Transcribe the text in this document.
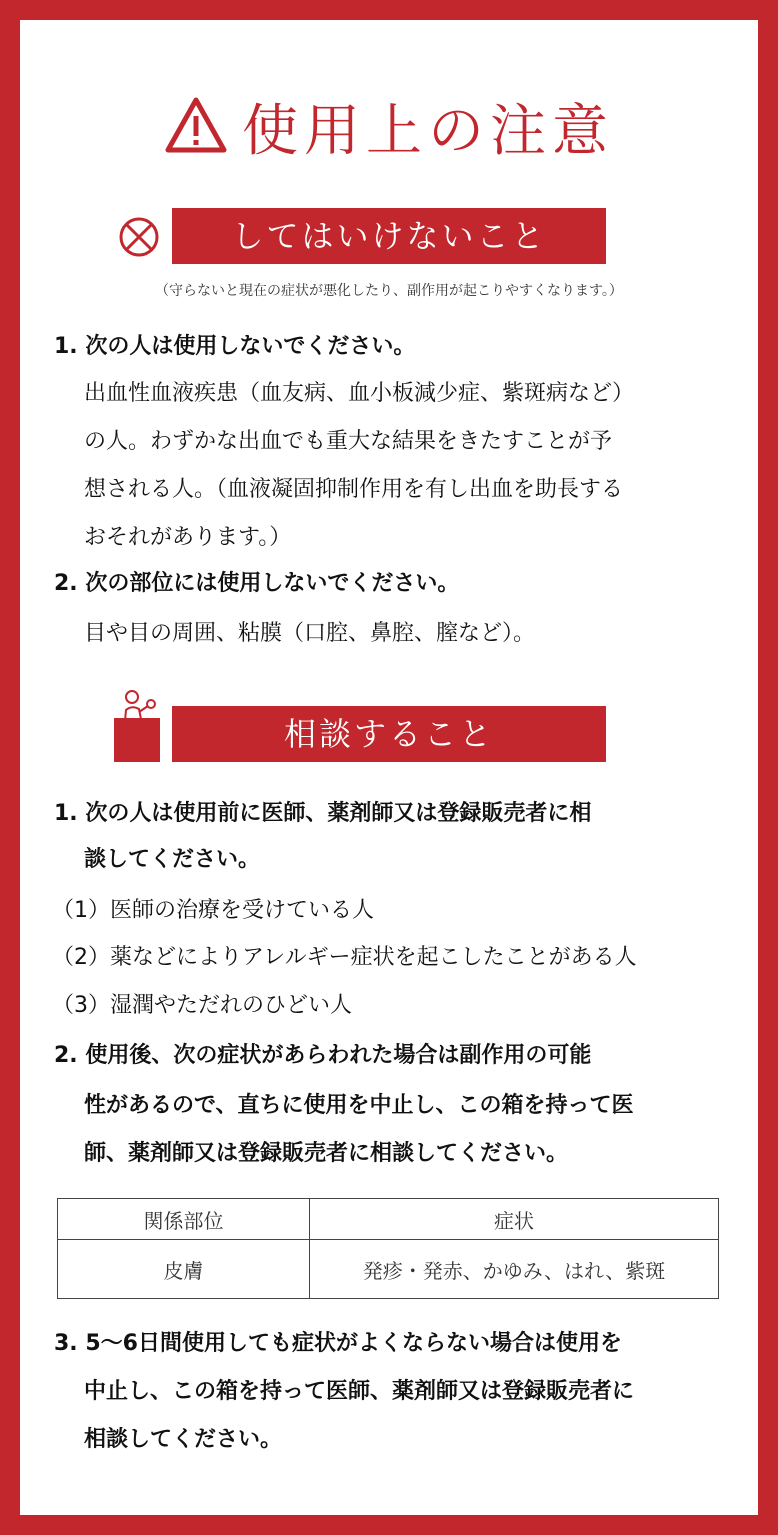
使用上の注意
してはいけないこと
（守らないと現在の症状が悪化したり、副作用が起こりやすくなります。）
1. 次の人は使用しないでください。
出血性血液疾患（血友病、血小板減少症、紫斑病など）
の人。わずかな出血でも重大な結果をきたすことが予
想される人。（血液凝固抑制作用を有し出血を助長する
おそれがあります。）
2. 次の部位には使用しないでください。
目や目の周囲、粘膜（口腔、鼻腔、膣など）。
相談すること
1. 次の人は使用前に医師、薬剤師又は登録販売者に相
談してください。
（1）医師の治療を受けている人
（2）薬などによりアレルギー症状を起こしたことがある人
（3）湿潤やただれのひどい人
2. 使用後、次の症状があらわれた場合は副作用の可能
性があるので、直ちに使用を中止し、この箱を持って医
師、薬剤師又は登録販売者に相談してください。
関係部位	症状
皮膚	発疹・発赤、かゆみ、はれ、紫斑
3. 5〜6日間使用しても症状がよくならない場合は使用を
中止し、この箱を持って医師、薬剤師又は登録販売者に
相談してください。
